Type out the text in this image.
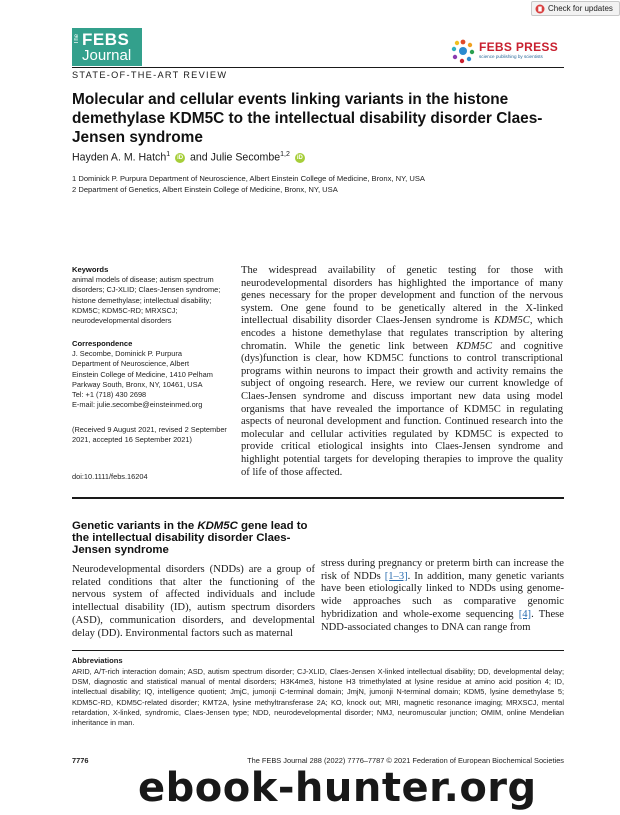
Check for updates
The FEBS
Journal	FEBS PRESS
science publishing by scientists
STATE-OF-THE-ART REVIEW
Molecular and cellular events linking variants in the histone demethylase KDM5C to the intellectual disability disorder Claes-Jensen syndrome
Hayden A. M. Hatch$^1$ iD and Julie Secombe$^{1,2}$ iD
1 Dominick P. Purpura Department of Neuroscience, Albert Einstein College of Medicine, Bronx, NY, USA
2 Department of Genetics, Albert Einstein College of Medicine, Bronx, NY, USA
Keywords
animal models of disease; autism spectrum disorders; CJ-XLID; Claes-Jensen syndrome; histone demethylase; intellectual disability; KDM5C; KDM5C-RD; MRXSCJ; neurodevelopmental disorders
Correspondence
J. Secombe, Dominick P. Purpura
Department of Neuroscience, Albert
Einstein College of Medicine, 1410 Pelham
Parkway South, Bronx, NY, 10461, USA
Tel: +1 (718) 430 2698
E-mail: julie.secombe@einsteinmed.org
(Received 9 August 2021, revised 2 September 2021, accepted 16 September 2021)
doi:10.1111/febs.16204
The widespread availability of genetic testing for those with neurodevelopmental disorders has highlighted the importance of many genes necessary for the proper development and function of the nervous system. One gene found to be genetically altered in the X-linked intellectual disability disorder Claes-Jensen syndrome is KDM5C, which encodes a histone demethylase that regulates transcription by altering chromatin. While the genetic link between KDM5C and cognitive (dys)function is clear, how KDM5C functions to control transcriptional programs within neurons to impact their growth and activity remains the subject of ongoing research. Here, we review our current knowledge of Claes-Jensen syndrome and discuss important new data using model organisms that have revealed the importance of KDM5C in regulating aspects of neuronal development and function. Continued research into the molecular and cellular activities regulated by KDM5C is expected to provide critical etiological insights into Claes-Jensen syndrome and highlight potential targets for developing therapies to improve the quality of life of those affected.
Genetic variants in the KDM5C gene lead to the intellectual disability disorder Claes-Jensen syndrome
Neurodevelopmental disorders (NDDs) are a group of related conditions that alter the functioning of the nervous system of affected individuals and include intellectual disability (ID), autism spectrum disorders (ASD), communication disorders, and developmental delay (DD). Environmental factors such as maternal
stress during pregnancy or preterm birth can increase the risk of NDDs [1–3]. In addition, many genetic variants have been etiologically linked to NDDs using genome-wide approaches such as comparative genomic hybridization and whole-exome sequencing [4]. These NDD-associated changes to DNA can range from
Abbreviations
ARID, A/T-rich interaction domain; ASD, autism spectrum disorder; CJ-XLID, Claes-Jensen X-linked intellectual disability; DD, developmental delay; DSM, diagnostic and statistical manual of mental disorders; H3K4me3, histone H3 trimethylated at lysine residue at amino acid position 4; ID, intellectual disability; IQ, intelligence quotient; JmjC, jumonji C-terminal domain; JmjN, jumonji N-terminal domain; KDM5, lysine demethylase 5; KDM5C-RD, KDM5C-related disorder; KMT2A, lysine methyltransferase 2A; KO, knock out; MRI, magnetic resonance imaging; MRXSCJ, mental retardation, X-linked, syndromic, Claes-Jensen type; NDD, neurodevelopmental disorder; NMJ, neuromuscular junction; OMIM, online Mendelian inheritance in man.
7776	The FEBS Journal 288 (2022) 7776–7787 © 2021 Federation of European Biochemical Societies
ebook-hunter.org
